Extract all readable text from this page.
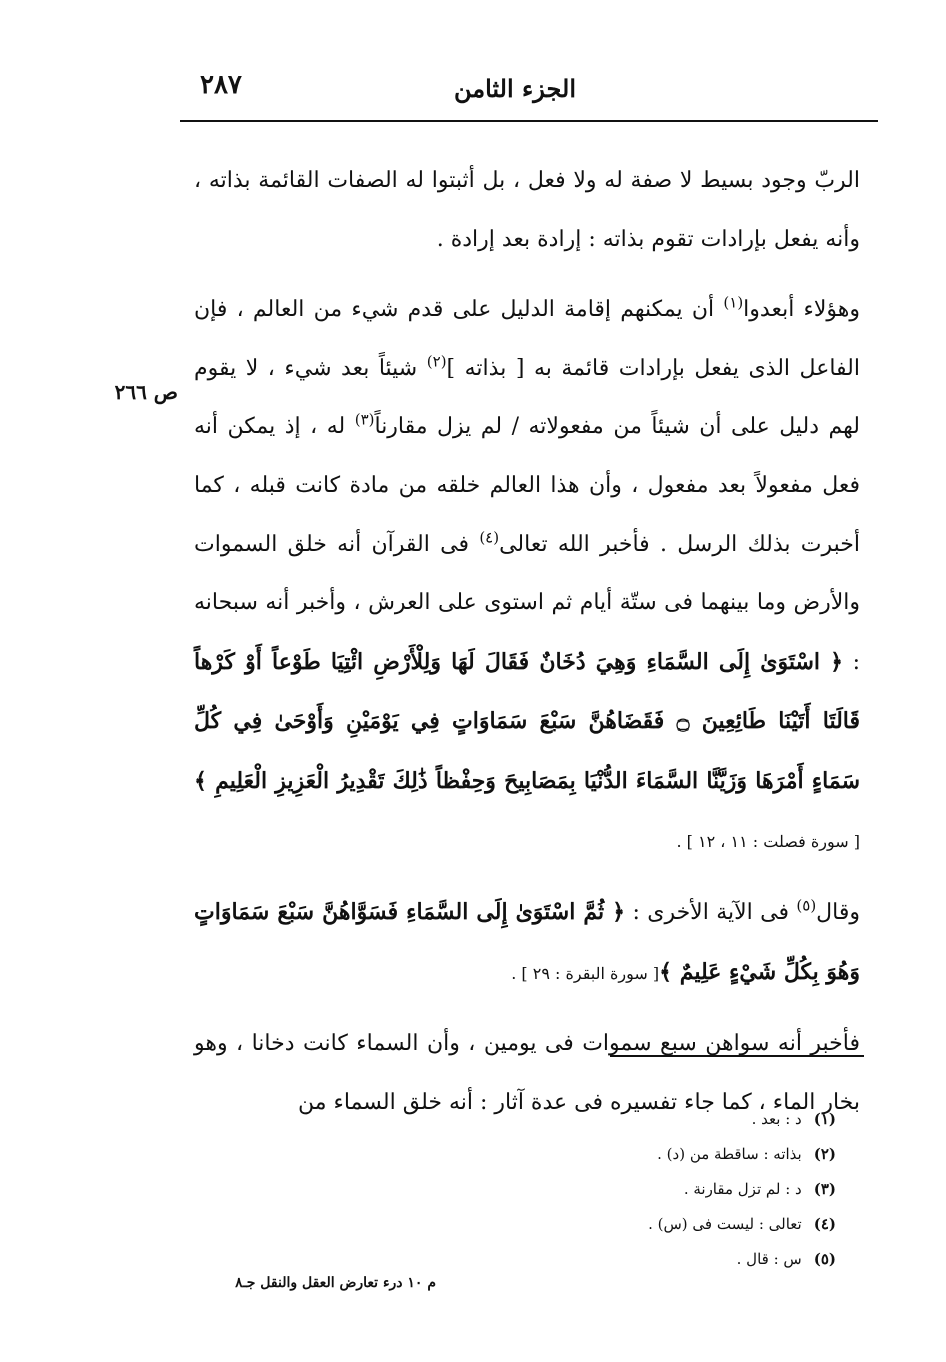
٢٨٧	الجزء الثامن
ص ٢٦٦

الربّ وجود بسيط لا صفة له ولا فعل ، بل أثبتوا له الصفات القائمة بذاته ، وأنه يفعل بإرادات تقوم بذاته : إرادة بعد إرادة .

وهؤلاء أبعدوا$^{(١)}$ أن يمكنهم إقامة الدليل على قدم شيء من العالم ، فإن الفاعل الذى يفعل بإرادات قائمة به [ بذاته ]$^{(٢)}$ شيئاً بعد شيء ، لا يقوم لهم دليل على أن شيئاً من مفعولاته / لم يزل مقارناً$^{(٣)}$ له ، إذ يمكن أنه فعل مفعولاً بعد مفعول ، وأن هذا العالم خلقه من مادة كانت قبله ، كما أخبرت بذلك الرسل . فأخبر الله تعالى$^{(٤)}$ فى القرآن أنه خلق السموات والأرض وما بينهما فى ستّة أيام ثم استوى على العرش ، وأخبر أنه سبحانه : ﴿ اسْتَوَىٰ إِلَى السَّمَاءِ وَهِيَ دُخَانٌ فَقَالَ لَهَا وَلِلْأَرْضِ ائْتِيَا طَوْعاً أَوْ كَرْهاً قَالَتَا أَتَيْنَا طَائِعِينَ ۝ فَقَضَاهُنَّ سَبْعَ سَمَاوَاتٍ فِي يَوْمَيْنِ وَأَوْحَىٰ فِي كُلِّ سَمَاءٍ أَمْرَهَا وَزَيَّنَّا السَّمَاءَ الدُّنْيَا بِمَصَابِيحَ وَحِفْظاً ذَٰلِكَ تَقْدِيرُ الْعَزِيزِ الْعَلِيمِ ﴾[ سورة فصلت : ١١ ، ١٢ ] .

وقال$^{(٥)}$ فى الآية الأخرى : ﴿ ثُمَّ اسْتَوَىٰ إِلَى السَّمَاءِ فَسَوَّاهُنَّ سَبْعَ سَمَاوَاتٍ وَهُوَ بِكُلِّ شَيْءٍ عَلِيمٌ ﴾[ سورة البقرة : ٢٩ ] .

فأخبر أنه سواهن سبع سموات فى يومين ، وأن السماء كانت دخانا ، وهو بخار الماء ، كما جاء تفسيره فى عدة آثار : أنه خلق السماء من

(١)د : بعد .
(٢)بذاته : ساقطة من (د) .
(٣)د : لم تزل مقارنة .
(٤)تعالى : ليست فى (س) .
(٥)س : قال .
م ١٠ درء تعارض العقل والنقل جـ٨
